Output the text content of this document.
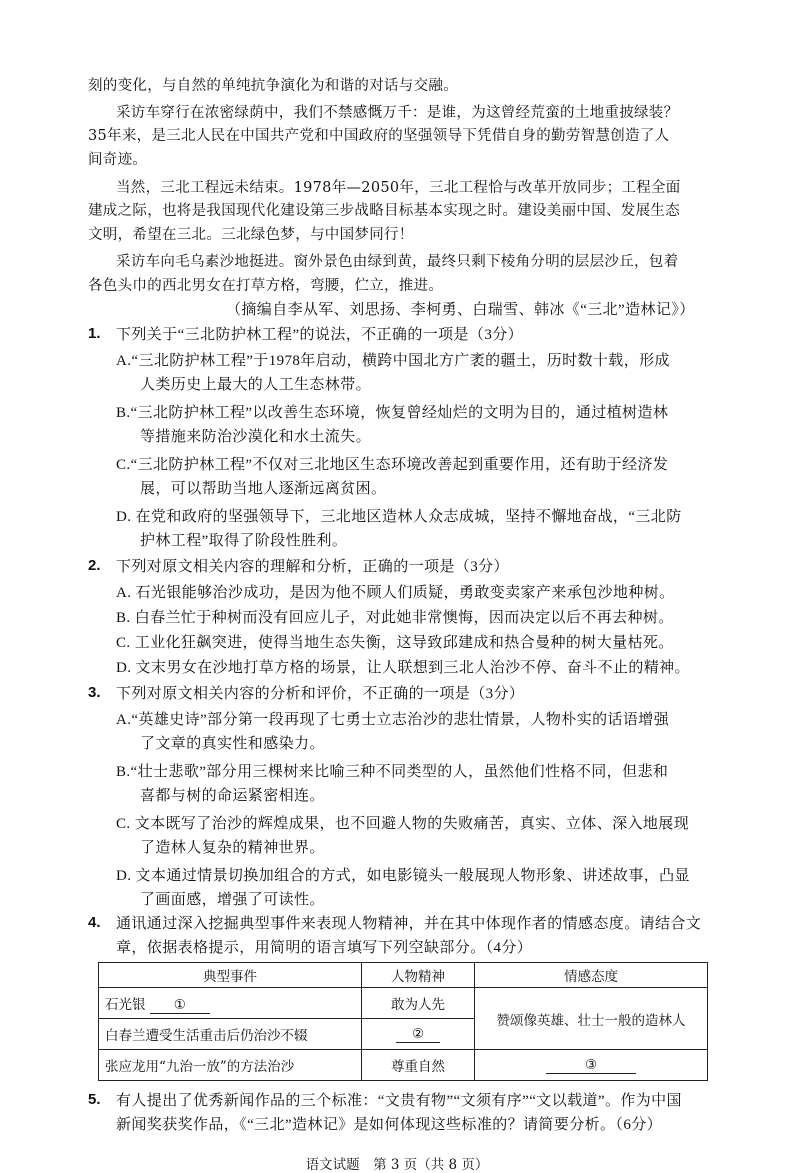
刻的变化，与自然的单纯抗争演化为和谐的对话与交融。
采访车穿行在浓密绿荫中，我们不禁感慨万千：是谁，为这曾经荒蛮的土地重披绿装？
35年来，是三北人民在中国共产党和中国政府的坚强领导下凭借自身的勤劳智慧创造了人
间奇迹。
当然，三北工程远未结束。1978年—2050年，三北工程恰与改革开放同步；工程全面
建成之际，也将是我国现代化建设第三步战略目标基本实现之时。建设美丽中国、发展生态
文明，希望在三北。三北绿色梦，与中国梦同行！
采访车向毛乌素沙地挺进。窗外景色由绿到黄，最终只剩下棱角分明的层层沙丘，包着
各色头巾的西北男女在打草方格，弯腰，伫立，推进。
（摘编自李从军、刘思扬、李柯勇、白瑞雪、韩冰《“三北”造林记》）
1. 下列关于“三北防护林工程”的说法，不正确的一项是（3分）
A.“三北防护林工程”于1978年启动，横跨中国北方广袤的疆土，历时数十载，形成
人类历史上最大的人工生态林带。
B.“三北防护林工程”以改善生态环境，恢复曾经灿烂的文明为目的，通过植树造林
等措施来防治沙漠化和水土流失。
C.“三北防护林工程”不仅对三北地区生态环境改善起到重要作用，还有助于经济发
展，可以帮助当地人逐渐远离贫困。
D. 在党和政府的坚强领导下，三北地区造林人众志成城，坚持不懈地奋战，“三北防
护林工程”取得了阶段性胜利。
2. 下列对原文相关内容的理解和分析，正确的一项是（3分）
A. 石光银能够治沙成功，是因为他不顾人们质疑，勇敢变卖家产来承包沙地种树。
B. 白春兰忙于种树而没有回应儿子，对此她非常懊悔，因而决定以后不再去种树。
C. 工业化狂飙突进，使得当地生态失衡，这导致邱建成和热合曼种的树大量枯死。
D. 文末男女在沙地打草方格的场景，让人联想到三北人治沙不停、奋斗不止的精神。
3. 下列对原文相关内容的分析和评价，不正确的一项是（3分）
A.“英雄史诗”部分第一段再现了七勇士立志治沙的悲壮情景，人物朴实的话语增强
了文章的真实性和感染力。
B.“壮士悲歌”部分用三棵树来比喻三种不同类型的人，虽然他们性格不同，但悲和
喜都与树的命运紧密相连。
C. 文本既写了治沙的辉煌成果，也不回避人物的失败痛苦，真实、立体、深入地展现
了造林人复杂的精神世界。
D. 文本通过情景切换加组合的方式，如电影镜头一般展现人物形象、讲述故事，凸显
了画面感，增强了可读性。
4. 通讯通过深入挖掘典型事件来表现人物精神，并在其中体现作者的情感态度。请结合文
章，依据表格提示，用简明的语言填写下列空缺部分。（4分）
典型事件	人物精神	情感态度
石光银 ①	敢为人先	赞颂像英雄、壮士一般的造林人
白春兰遭受生活重击后仍治沙不辍	②	
张应龙用“九治一放”的方法治沙	尊重自然	③
语文试题　第 3 页（共 8 页）
5. 有人提出了优秀新闻作品的三个标准：“文贵有物”“文须有序”“文以载道”。作为中国
新闻奖获奖作品，《“三北”造林记》是如何体现这些标准的？请简要分析。（6分）
